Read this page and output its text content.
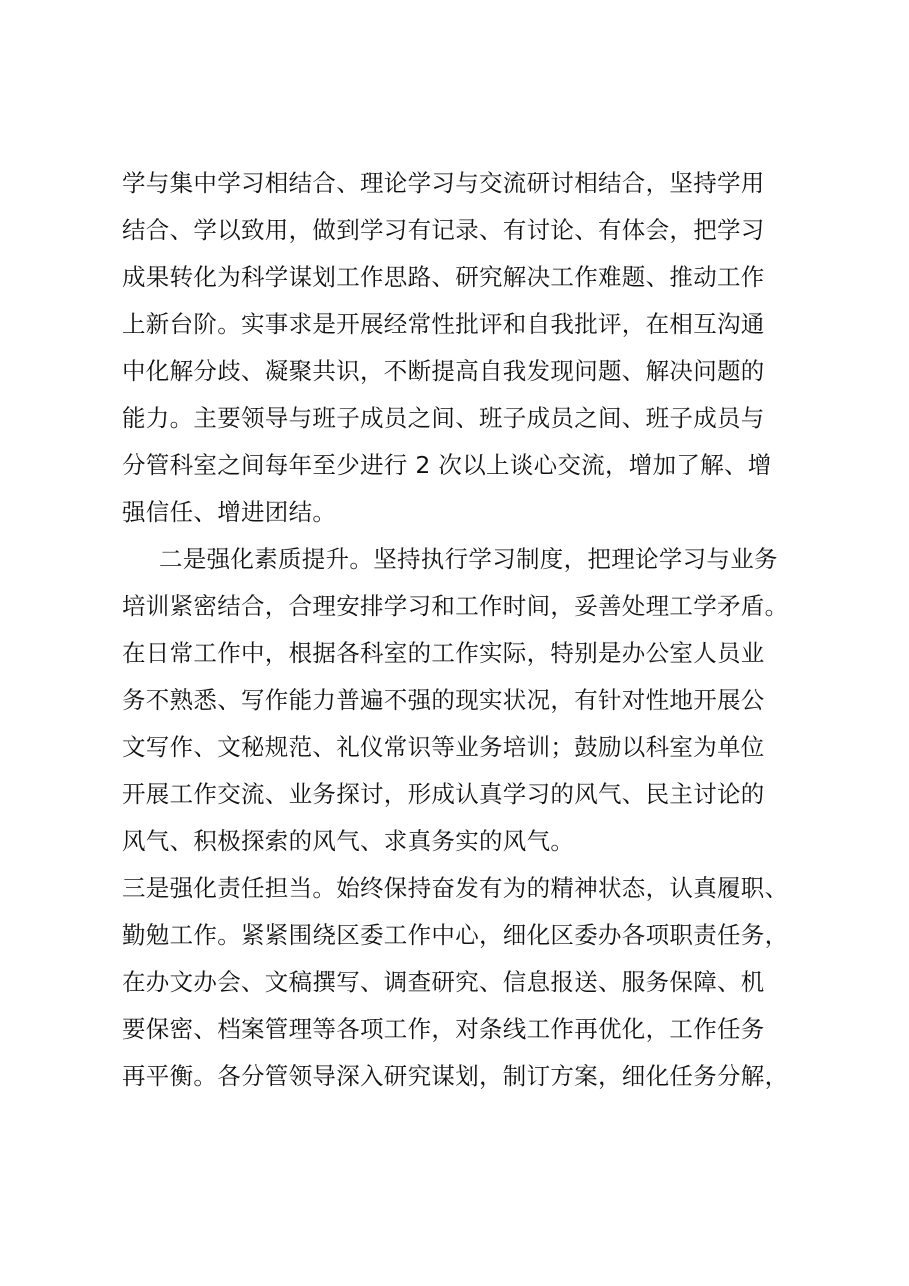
学与集中学习相结合、理论学习与交流研讨相结合，坚持学用
结合、学以致用，做到学习有记录、有讨论、有体会，把学习
成果转化为科学谋划工作思路、研究解决工作难题、推动工作
上新台阶。实事求是开展经常性批评和自我批评，在相互沟通
中化解分歧、凝聚共识，不断提高自我发现问题、解决问题的
能力。主要领导与班子成员之间、班子成员之间、班子成员与
分管科室之间每年至少进行 2 次以上谈心交流，增加了解、增
强信任、增进团结。
二是强化素质提升。坚持执行学习制度，把理论学习与业务
培训紧密结合，合理安排学习和工作时间，妥善处理工学矛盾。
在日常工作中，根据各科室的工作实际，特别是办公室人员业
务不熟悉、写作能力普遍不强的现实状况，有针对性地开展公
文写作、文秘规范、礼仪常识等业务培训；鼓励以科室为单位
开展工作交流、业务探讨，形成认真学习的风气、民主讨论的
风气、积极探索的风气、求真务实的风气。
三是强化责任担当。始终保持奋发有为的精神状态，认真履职、
勤勉工作。紧紧围绕区委工作中心，细化区委办各项职责任务，
在办文办会、文稿撰写、调查研究、信息报送、服务保障、机
要保密、档案管理等各项工作，对条线工作再优化，工作任务
再平衡。各分管领导深入研究谋划，制订方案，细化任务分解，
